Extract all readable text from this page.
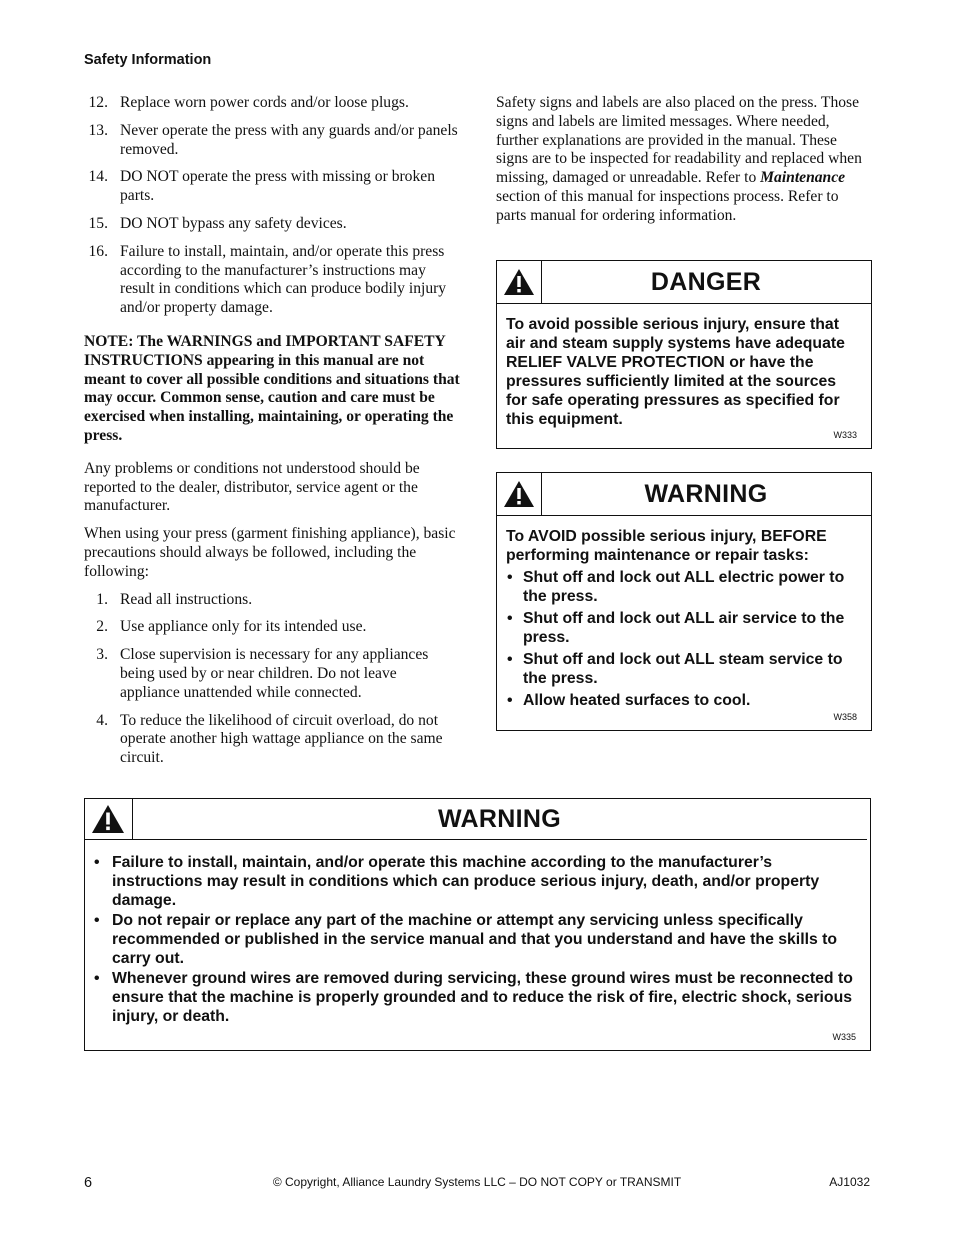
Safety Information
12. Replace worn power cords and/or loose plugs.
13. Never operate the press with any guards and/or panels removed.
14. DO NOT operate the press with missing or broken parts.
15. DO NOT bypass any safety devices.
16. Failure to install, maintain, and/or operate this press according to the manufacturer’s instructions may result in conditions which can produce bodily injury and/or property damage.

NOTE: The WARNINGS and IMPORTANT SAFETY INSTRUCTIONS appearing in this manual are not meant to cover all possible conditions and situations that may occur. Common sense, caution and care must be exercised when installing, maintaining, or operating the press.

Any problems or conditions not understood should be reported to the dealer, distributor, service agent or the manufacturer.

When using your press (garment finishing appliance), basic precautions should always be followed, including the following:

1. Read all instructions.
2. Use appliance only for its intended use.
3. Close supervision is necessary for any appliances being used by or near children. Do not leave appliance unattended while connected.
4. To reduce the likelihood of circuit overload, do not operate another high wattage appliance on the same circuit.

Safety signs and labels are also placed on the press. Those signs and labels are limited messages. Where needed, further explanations are provided in the manual. These signs are to be inspected for readability and replaced when missing, damaged or unreadable. Refer to Maintenance section of this manual for inspections process. Refer to parts manual for ordering information.

DANGER
To avoid possible serious injury, ensure that air and steam supply systems have adequate RELIEF VALVE PROTECTION or have the pressures sufficiently limited at the sources for safe operating pressures as specified for this equipment.
W333
WARNING
To AVOID possible serious injury, BEFORE performing maintenance or repair tasks:
• Shut off and lock out ALL electric power to the press.
• Shut off and lock out ALL air service to the press.
• Shut off and lock out ALL steam service to the press.
• Allow heated surfaces to cool.
W358
WARNING
• Failure to install, maintain, and/or operate this machine according to the manufacturer’s instructions may result in conditions which can produce serious injury, death, and/or property damage.
• Do not repair or replace any part of the machine or attempt any servicing unless specifically recommended or published in the service manual and that you understand and have the skills to carry out.
• Whenever ground wires are removed during servicing, these ground wires must be reconnected to ensure that the machine is properly grounded and to reduce the risk of fire, electric shock, serious injury, or death.
W335
6	© Copyright, Alliance Laundry Systems LLC – DO NOT COPY or TRANSMIT	AJ1032
